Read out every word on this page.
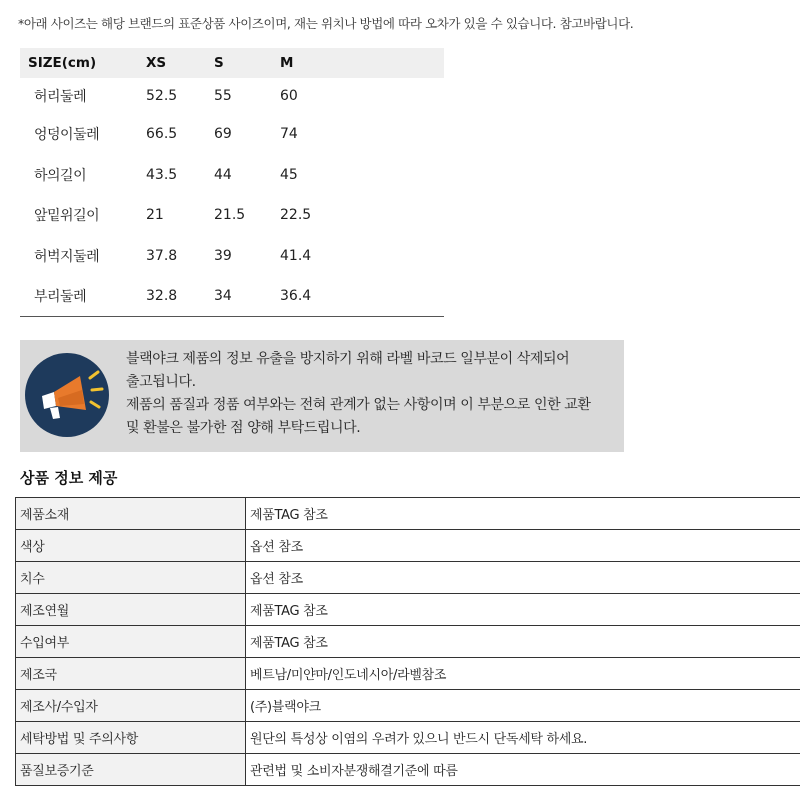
*아래 사이즈는 해당 브랜드의 표준상품 사이즈이며, 재는 위치나 방법에 따라 오차가 있을 수 있습니다. 참고바랍니다.
SIZE(cm)	XS	S	M
허리둘레	52.5	55	60
엉덩이둘레	66.5	69	74
하의길이	43.5	44	45
앞밑위길이	21	21.5	22.5
허벅지둘레	37.8	39	41.4
부리둘레	32.8	34	36.4

블랙야크 제품의 정보 유출을 방지하기 위해 라벨 바코드 일부분이 삭제되어

출고됩니다.

제품의 품질과 정품 여부와는 전혀 관계가 없는 사항이며 이 부분으로 인한 교환

및 환불은 불가한 점 양해 부탁드립니다.

상품 정보 제공
제품소재	제품TAG 참조
색상	옵션 참조
치수	옵션 참조
제조연월	제품TAG 참조
수입여부	제품TAG 참조
제조국	베트남/미얀마/인도네시아/라벨참조
제조사/수입자	(주)블랙야크
세탁방법 및 주의사항	원단의 특성상 이염의 우려가 있으니 반드시 단독세탁 하세요.
품질보증기준	관련법 및 소비자분쟁해결기준에 따름
